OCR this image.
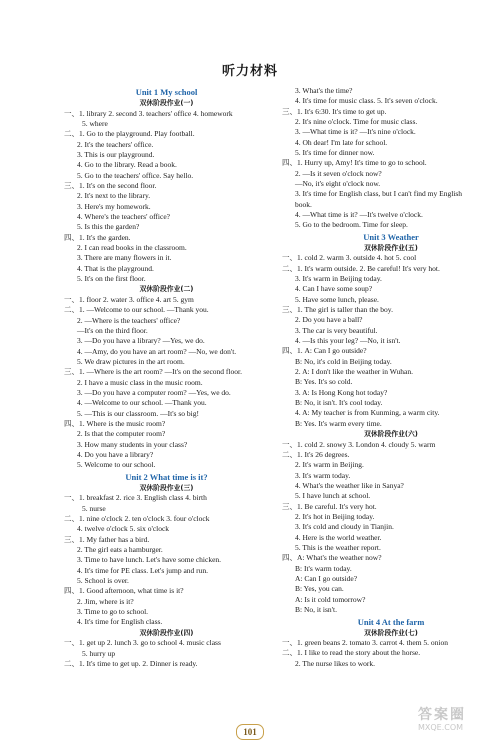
听力材料
Unit 1 My school
双休阶段作业(一)
一、1. library 2. second 3. teachers' office 4. homework
5. where
二、1. Go to the playground. Play football.
2. It's the teachers' office.
3. This is our playground.
4. Go to the library. Read a book.
5. Go to the teachers' office. Say hello.
三、1. It's on the second floor.
2. It's next to the library.
3. Here's my homework.
4. Where's the teachers' office?
5. Is this the garden?
四、1. It's the garden.
2. I can read books in the classroom.
3. There are many flowers in it.
4. That is the playground.
5. It's on the first floor.
双休阶段作业(二)
一、1. floor 2. water 3. office 4. art 5. gym
二、1. —Welcome to our school. —Thank you.
2. —Where is the teachers' office?
—It's on the third floor.
3. —Do you have a library? —Yes, we do.
4. —Amy, do you have an art room? —No, we don't.
5. We draw pictures in the art room.
三、1. —Where is the art room? —It's on the second floor.
2. I have a music class in the music room.
3. —Do you have a computer room? —Yes, we do.
4. —Welcome to our school. —Thank you.
5. —This is our classroom. —It's so big!
四、1. Where is the music room?
2. Is that the computer room?
3. How many students in your class?
4. Do you have a library?
5. Welcome to our school.
Unit 2 What time is it?
双休阶段作业(三)
一、1. breakfast 2. rice 3. English class 4. birth
5. nurse
二、1. nine o'clock 2. ten o'clock 3. four o'clock
4. twelve o'clock 5. six o'clock
三、1. My father has a bird.
2. The girl eats a hamburger.
3. Time to have lunch. Let's have some chicken.
4. It's time for PE class. Let's jump and run.
5. School is over.
四、1. Good afternoon, what time is it?
2. Jim, where is it?
3. Time to go to school.
4. It's time for English class.
双休阶段作业(四)
一、1. get up 2. lunch 3. go to school 4. music class
5. hurry up
二、1. It's time to get up. 2. Dinner is ready.
3. What's the time?
4. It's time for music class. 5. It's seven o'clock.
三、1. It's 6:30. It's time to get up.
2. It's nine o'clock. Time for music class.
3. —What time is it? —It's nine o'clock.
4. Oh dear! I'm late for school.
5. It's time for dinner now.
四、1. Hurry up, Amy! It's time to go to school.
2. —Is it seven o'clock now?
—No, it's eight o'clock now.
3. It's time for English class, but I can't find my English
book.
4. —What time is it? —It's twelve o'clock.
5. Go to the bedroom. Time for sleep.
Unit 3 Weather
双休阶段作业(五)
一、1. cold 2. warm 3. outside 4. hot 5. cool
二、1. It's warm outside. 2. Be careful! It's very hot.
3. It's warm in Beijing today.
4. Can I have some soup?
5. Have some lunch, please.
三、1. The girl is taller than the boy.
2. Do you have a ball?
3. The car is very beautiful.
4. —Is this your leg? —No, it isn't.
四、1. A: Can I go outside?
B: No, it's cold in Beijing today.
2. A: I don't like the weather in Wuhan.
B: Yes. It's so cold.
3. A: Is Hong Kong hot today?
B: No, it isn't. It's cool today.
4. A: My teacher is from Kunming, a warm city.
B: Yes. It's warm every time.
双休阶段作业(六)
一、1. cold 2. snowy 3. London 4. cloudy 5. warm
二、1. It's 26 degrees.
2. It's warm in Beijing.
3. It's warm today.
4. What's the weather like in Sanya?
5. I have lunch at school.
三、1. Be careful. It's very hot.
2. It's hot in Beijing today.
3. It's cold and cloudy in Tianjin.
4. Here is the world weather.
5. This is the weather report.
四、A: What's the weather now?
B: It's warm today.
A: Can I go outside?
B: Yes, you can.
A: Is it cold tomorrow?
B: No, it isn't.
Unit 4 At the farm
双休阶段作业(七)
一、1. green beans 2. tomato 3. carrot 4. them 5. onion
二、1. I like to read the story about the horse.
2. The nurse likes to work.
101
答案圈
MXQE.COM
